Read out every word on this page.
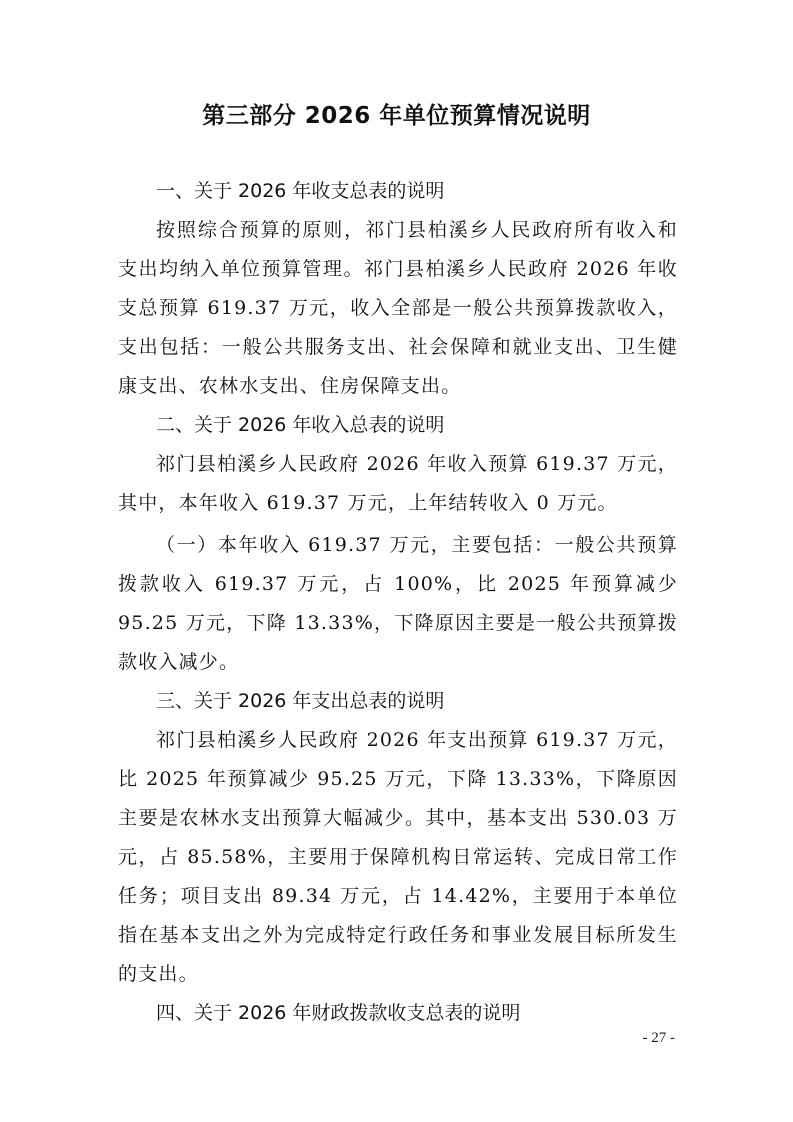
第三部分 2026 年单位预算情况说明

一、关于 2026 年收支总表的说明

按照综合预算的原则，祁门县柏溪乡人民政府所有收入和支出均纳入单位预算管理。祁门县柏溪乡人民政府 2026 年收支总预算 619.37 万元，收入全部是一般公共预算拨款收入，支出包括：一般公共服务支出、社会保障和就业支出、卫生健康支出、农林水支出、住房保障支出。

二、关于 2026 年收入总表的说明

祁门县柏溪乡人民政府 2026 年收入预算 619.37 万元，其中，本年收入 619.37 万元，上年结转收入 0 万元。

（一）本年收入 619.37 万元，主要包括：一般公共预算拨款收入 619.37 万元，占 100%，比 2025 年预算减少 95.25 万元，下降 13.33%，下降原因主要是一般公共预算拨款收入减少。

三、关于 2026 年支出总表的说明

祁门县柏溪乡人民政府 2026 年支出预算 619.37 万元，比 2025 年预算减少 95.25 万元，下降 13.33%，下降原因主要是农林水支出预算大幅减少。其中，基本支出 530.03 万元，占 85.58%，主要用于保障机构日常运转、完成日常工作任务；项目支出 89.34 万元，占 14.42%，主要用于本单位指在基本支出之外为完成特定行政任务和事业发展目标所发生的支出。

四、关于 2026 年财政拨款收支总表的说明

- 27 -
